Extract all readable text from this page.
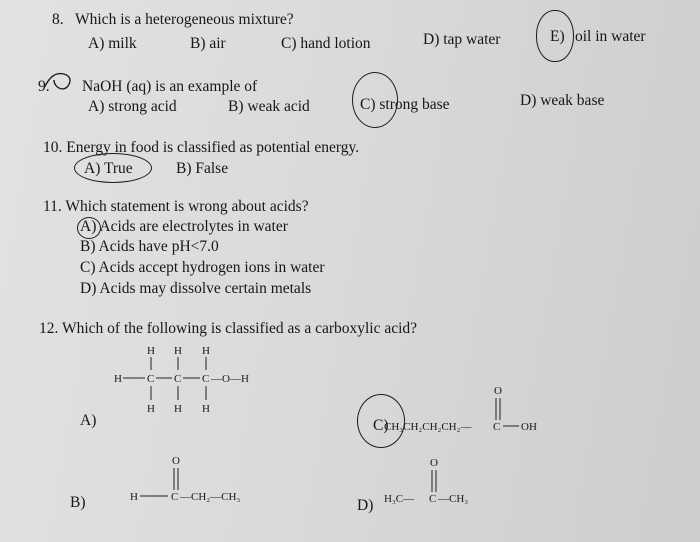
8. Which is a heterogeneous mixture?
A) milk	B) air	C) hand lotion	D) tap water	E) oil in water
9. NaOH (aq) is an example of
A) strong acid	B) weak acid	C) strong base	D) weak base
10. Energy in food is classified as potential energy.
A) True	B) False
11. Which statement is wrong about acids?
A) Acids are electrolytes in water
B) Acids have pH<7.0
C) Acids accept hydrogen ions in water
D) Acids may dissolve certain metals
12. Which of the following is classified as a carboxylic acid?
A)
B)
C)
D)
H H H
H C C C —O—H
H H H
O
H	C —CH₂—CH₃
O
CH₃CH₂CH₂CH₂— C OH
O
H₃C— C —CH₃
